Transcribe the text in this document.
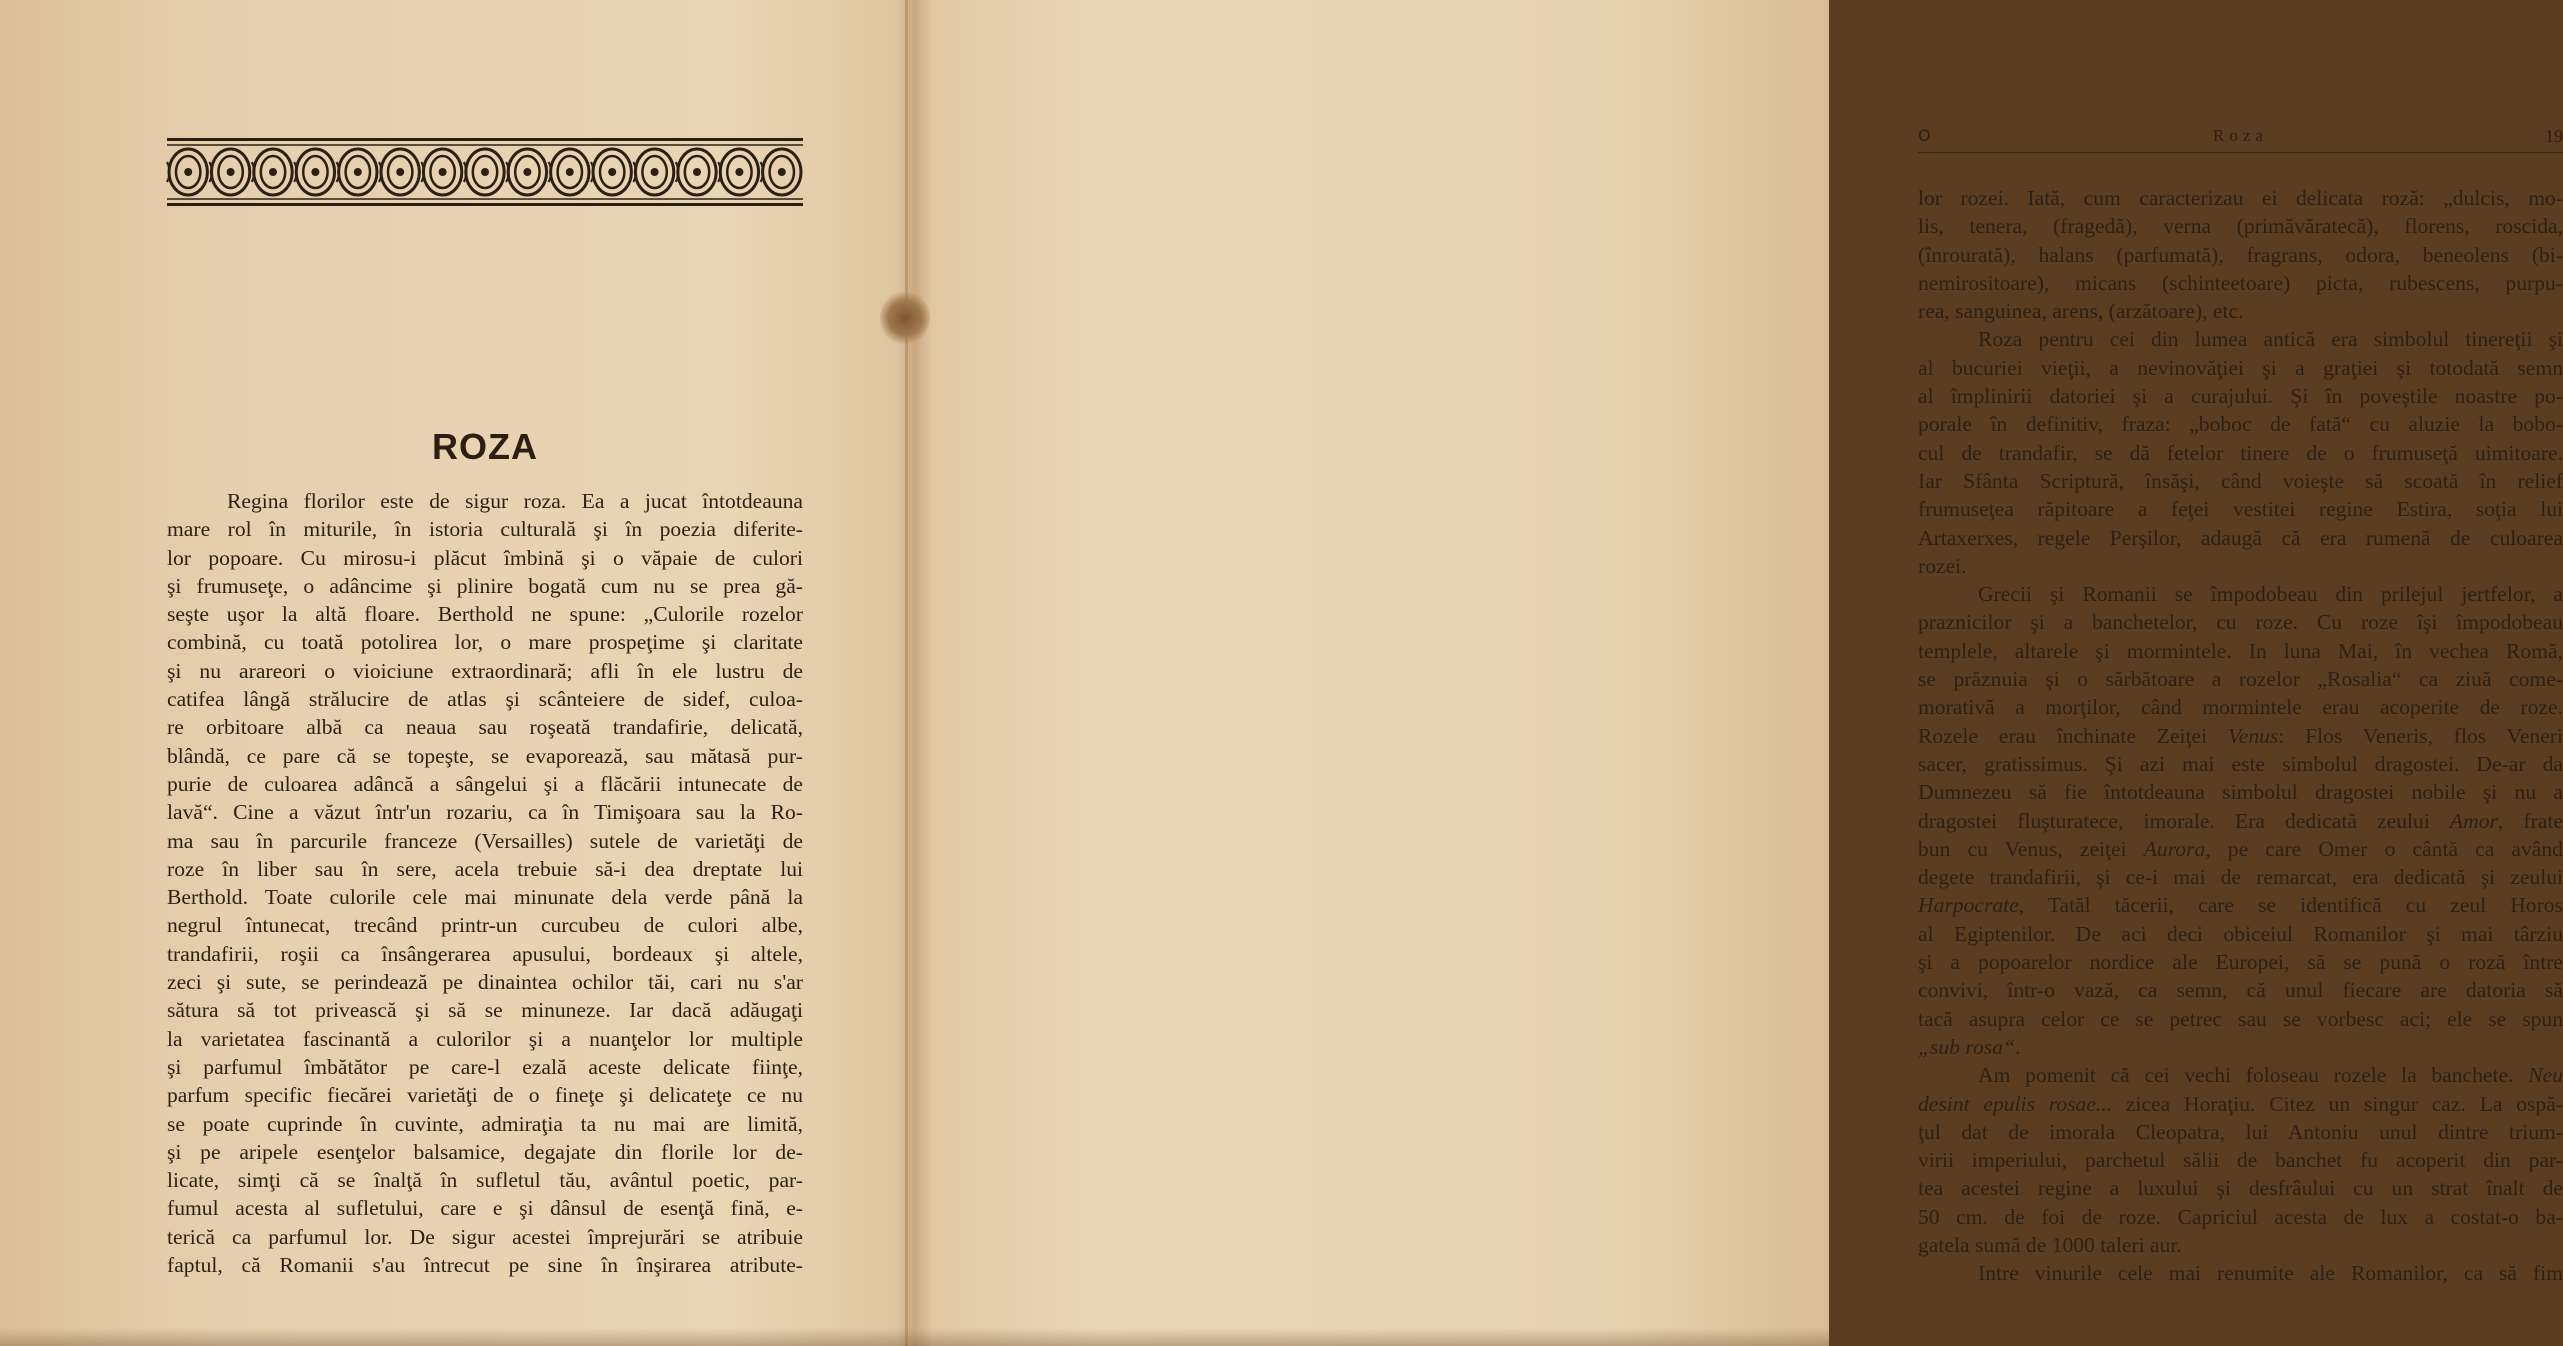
ROZA
Regina florilor este de sigur roza. Ea a jucat întotdeauna
mare rol în miturile, în istoria culturală şi în poezia diferite-
lor popoare. Cu mirosu-i plăcut îmbină şi o văpaie de culori
şi frumuseţe, o adâncime şi plinire bogată cum nu se prea gă-
seşte uşor la altă floare. Berthold ne spune: „Culorile rozelor
combină, cu toată potolirea lor, o mare prospeţime şi claritate
şi nu arareori o vioiciune extraordinară; afli în ele lustru de
catifea lângă strălucire de atlas şi scânteiere de sidef, culoa-
re orbitoare albă ca neaua sau roşeată trandafirie, delicată,
blândă, ce pare că se topeşte, se evaporează, sau mătasă pur-
purie de culoarea adâncă a sângelui şi a flăcării intunecate de
lavă“. Cine a văzut într'un rozariu, ca în Timişoara sau la Ro-
ma sau în parcurile franceze (Versailles) sutele de varietăţi de
roze în liber sau în sere, acela trebuie să-i dea dreptate lui
Berthold. Toate culorile cele mai minunate dela verde până la
negrul întunecat, trecând printr-un curcubeu de culori albe,
trandafirii, roşii ca însângerarea apusului, bordeaux şi altele,
zeci şi sute, se perindează pe dinaintea ochilor tăi, cari nu s'ar
sătura să tot privească şi să se minuneze. Iar dacă adăugaţi
la varietatea fascinantă a culorilor şi a nuanţelor lor multiple
şi parfumul îmbătător pe care-l ezală aceste delicate fiinţe,
parfum specific fiecărei varietăţi de o fineţe şi delicateţe ce nu
se poate cuprinde în cuvinte, admiraţia ta nu mai are limită,
şi pe aripele esenţelor balsamice, degajate din florile lor de-
licate, simţi că se înalţă în sufletul tău, avântul poetic, par-
fumul acesta al sufletului, care e şi dânsul de esenţă fină, e-
terică ca parfumul lor. De sigur acestei împrejurări se atribuie
faptul, că Romanii s'au întrecut pe sine în înşirarea atribute-
O	Roza	19
lor rozei. Iată, cum caracterizau ei delicata roză: „dulcis, mo-
lis, tenera, (fragedă), verna (primăvăratecă), florens, roscida,
(înrourată), halans (parfumată), fragrans, odora, beneolens (bi-
nemirositoare), micans (schinteetoare) picta, rubescens, purpu-
rea, sanguinea, arens, (arzătoare), etc.
Roza pentru cei din lumea antică era simbolul tinereţii şi
al bucuriei vieţii, a nevinovăţiei şi a graţiei şi totodată semn
al împlinirii datoriei şi a curajului. Şi în poveştile noastre po-
porale în definitiv, fraza: „boboc de fată“ cu aluzie la bobo-
cul de trandafir, se dă fetelor tinere de o frumuseţă uimitoare.
Iar Sfânta Scriptură, însăşi, când voieşte să scoată în relief
frumuseţea răpitoare a feţei vestitei regine Estira, soţia lui
Artaxerxes, regele Perşilor, adaugă că era rumenă de culoarea
rozei.
Grecii şi Romanii se împodobeau din prilejul jertfelor, a
praznicilor şi a banchetelor, cu roze. Cu roze îşi împodobeau
templele, altarele şi mormintele. In luna Mai, în vechea Romă,
se prăznuia şi o sărbătoare a rozelor „Rosalia“ ca ziuă come-
morativă a morţilor, când mormintele erau acoperite de roze.
Rozele erau închinate Zeiţei Venus: Flos Veneris, flos Veneri
sacer, gratissimus. Şi azi mai este simbolul dragostei. De-ar da
Dumnezeu să fie întotdeauna simbolul dragostei nobile şi nu a
dragostei fluşturatece, imorale. Era dedicată zeului Amor, frate
bun cu Venus, zeiţei Aurora, pe care Omer o cântă ca având
degete trandafirii, şi ce-i mai de remarcat, era dedicată şi zeului
Harpocrate, Tatăl tăcerii, care se identifică cu zeul Horos
al Egiptenilor. De aci deci obiceiul Romanilor şi mai târziu
şi a popoarelor nordice ale Europei, să se pună o roză între
convivi, într-o vază, ca semn, că unul fiecare are datoria să
tacă asupra celor ce se petrec sau se vorbesc aci; ele se spun
„sub rosa“.
Am pomenit că cei vechi foloseau rozele la banchete. Neu
desint epulis rosae... zicea Horaţiu. Citez un singur caz. La ospă-
ţul dat de imorala Cleopatra, lui Antoniu unul dintre trium-
virii imperiului, parchetul sălii de banchet fu acoperit din par-
tea acestei regine a luxului şi desfrâului cu un strat înalt de
50 cm. de foi de roze. Capriciul acesta de lux a costat-o ba-
gatela sumă de 1000 taleri aur.
Intre vinurile cele mai renumite ale Romanilor, ca să fim
